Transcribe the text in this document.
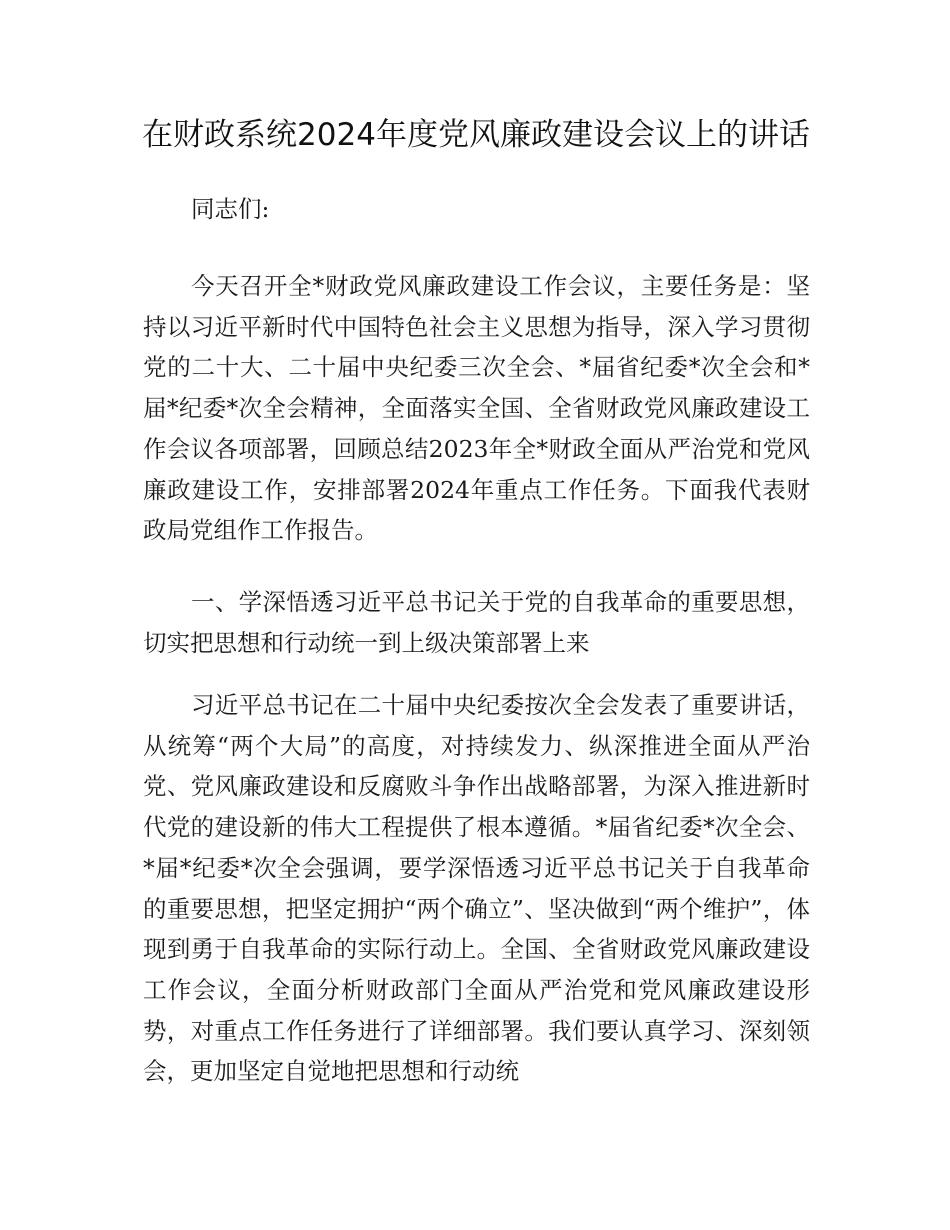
在财政系统2024年度党风廉政建设会议上的讲话

同志们:

今天召开全*财政党风廉政建设工作会议，主要任务是：坚持以习近平新时代中国特色社会主义思想为指导，深入学习贯彻党的二十大、二十届中央纪委三次全会、*届省纪委*次全会和*届*纪委*次全会精神，全面落实全国、全省财政党风廉政建设工作会议各项部署，回顾总结2023年全*财政全面从严治党和党风廉政建设工作，安排部署2024年重点工作任务。下面我代表财政局党组作工作报告。

一、学深悟透习近平总书记关于党的自我革命的重要思想，切实把思想和行动统一到上级决策部署上来

习近平总书记在二十届中央纪委按次全会发表了重要讲话，从统筹“两个大局”的高度，对持续发力、纵深推进全面从严治党、党风廉政建设和反腐败斗争作出战略部署，为深入推进新时代党的建设新的伟大工程提供了根本遵循。*届省纪委*次全会、*届*纪委*次全会强调，要学深悟透习近平总书记关于自我革命的重要思想，把坚定拥护“两个确立”、坚决做到“两个维护”，体现到勇于自我革命的实际行动上。全国、全省财政党风廉政建设工作会议，全面分析财政部门全面从严治党和党风廉政建设形势，对重点工作任务进行了详细部署。我们要认真学习、深刻领会，更加坚定自觉地把思想和行动统
